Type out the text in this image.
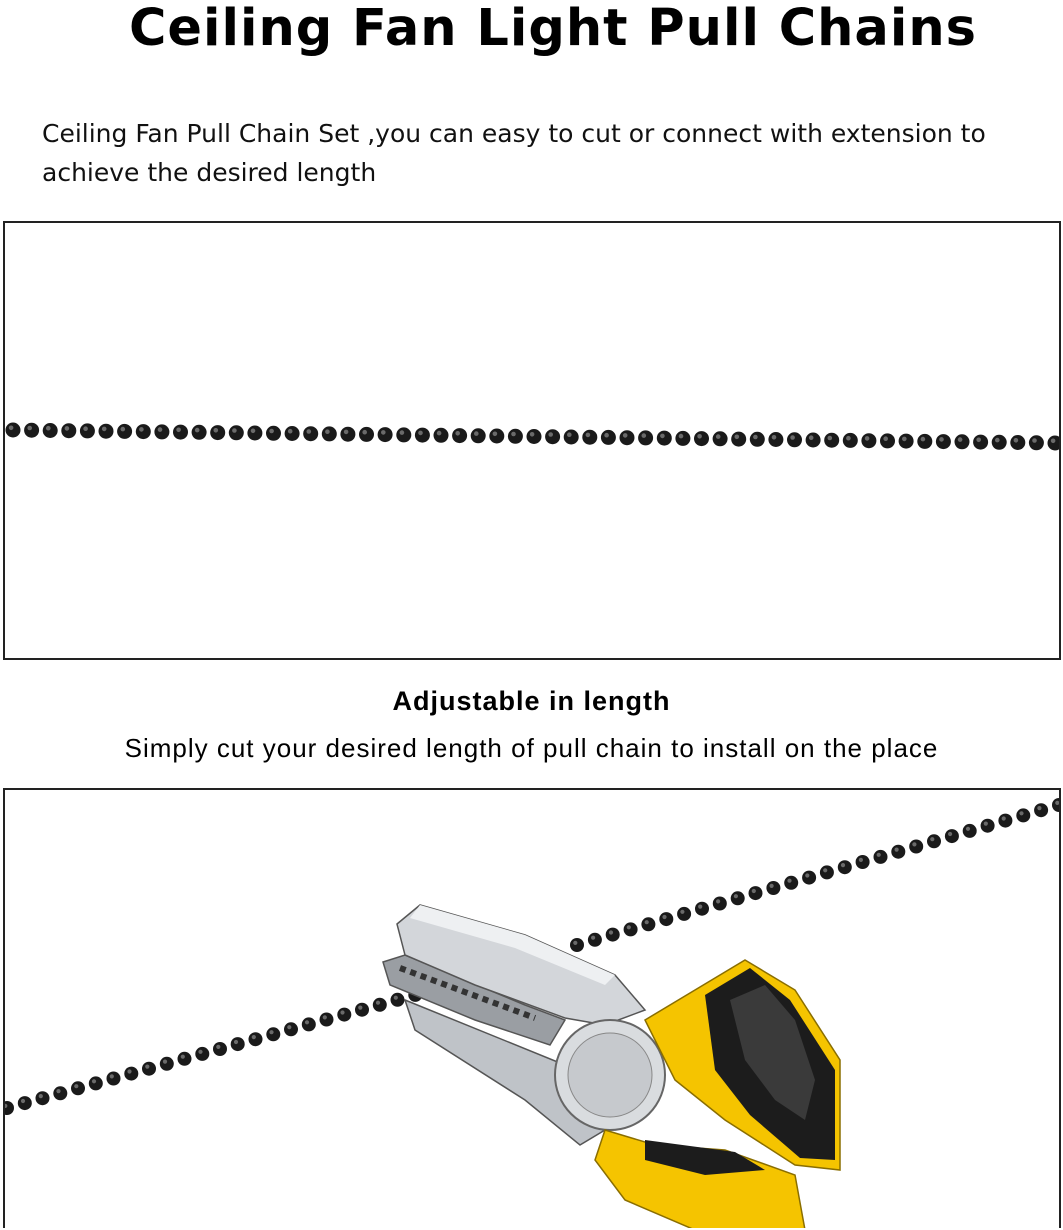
Ceiling Fan Light Pull Chains

Ceiling Fan Pull Chain Set ,you can easy to cut or connect with extension to achieve the desired length

Adjustable in length

Simply cut your desired length of pull chain to install on the place
